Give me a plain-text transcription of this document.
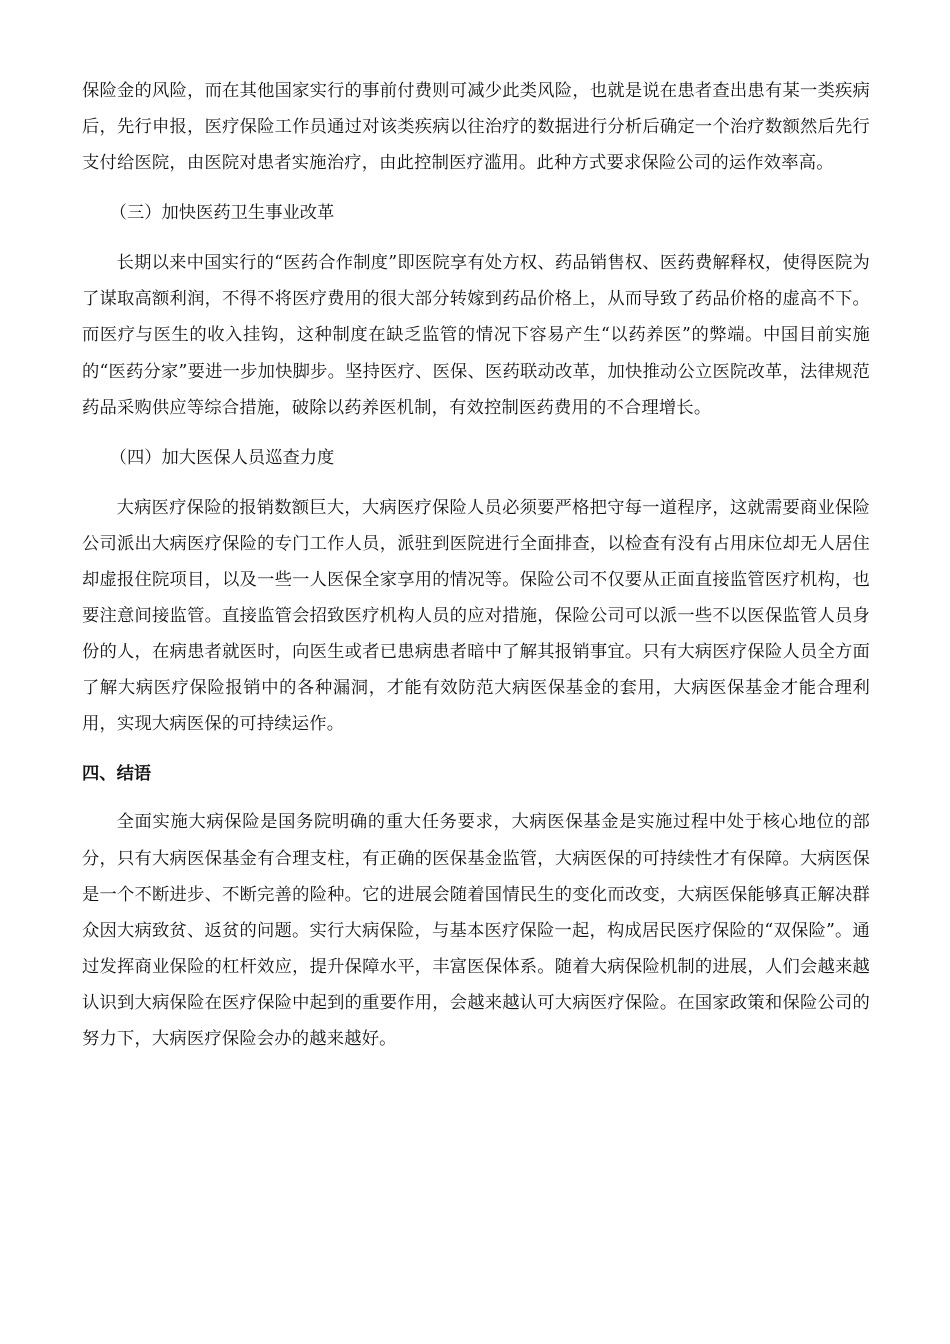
保险金的风险，而在其他国家实行的事前付费则可减少此类风险，也就是说在患者查出患有某一类疾病后，先行申报，医疗保险工作员通过对该类疾病以往治疗的数据进行分析后确定一个治疗数额然后先行支付给医院，由医院对患者实施治疗，由此控制医疗滥用。此种方式要求保险公司的运作效率高。

（三）加快医药卫生事业改革

长期以来中国实行的“医药合作制度”即医院享有处方权、药品销售权、医药费解释权，使得医院为了谋取高额利润，不得不将医疗费用的很大部分转嫁到药品价格上，从而导致了药品价格的虚高不下。而医疗与医生的收入挂钩，这种制度在缺乏监管的情况下容易产生“以药养医”的弊端。中国目前实施的“医药分家”要进一步加快脚步。坚持医疗、医保、医药联动改革，加快推动公立医院改革，法律规范药品采购供应等综合措施，破除以药养医机制，有效控制医药费用的不合理增长。

（四）加大医保人员巡查力度

大病医疗保险的报销数额巨大，大病医疗保险人员必须要严格把守每一道程序，这就需要商业保险公司派出大病医疗保险的专门工作人员，派驻到医院进行全面排查，以检查有没有占用床位却无人居住却虚报住院项目，以及一些一人医保全家享用的情况等。保险公司不仅要从正面直接监管医疗机构，也要注意间接监管。直接监管会招致医疗机构人员的应对措施，保险公司可以派一些不以医保监管人员身份的人，在病患者就医时，向医生或者已患病患者暗中了解其报销事宜。只有大病医疗保险人员全方面了解大病医疗保险报销中的各种漏洞，才能有效防范大病医保基金的套用，大病医保基金才能合理利用，实现大病医保的可持续运作。

四、结语

全面实施大病保险是国务院明确的重大任务要求，大病医保基金是实施过程中处于核心地位的部分，只有大病医保基金有合理支柱，有正确的医保基金监管，大病医保的可持续性才有保障。大病医保是一个不断进步、不断完善的险种。它的进展会随着国情民生的变化而改变，大病医保能够真正解决群众因大病致贫、返贫的问题。实行大病保险，与基本医疗保险一起，构成居民医疗保险的“双保险”。通过发挥商业保险的杠杆效应，提升保障水平，丰富医保体系。随着大病保险机制的进展，人们会越来越认识到大病保险在医疗保险中起到的重要作用，会越来越认可大病医疗保险。在国家政策和保险公司的努力下，大病医疗保险会办的越来越好。
